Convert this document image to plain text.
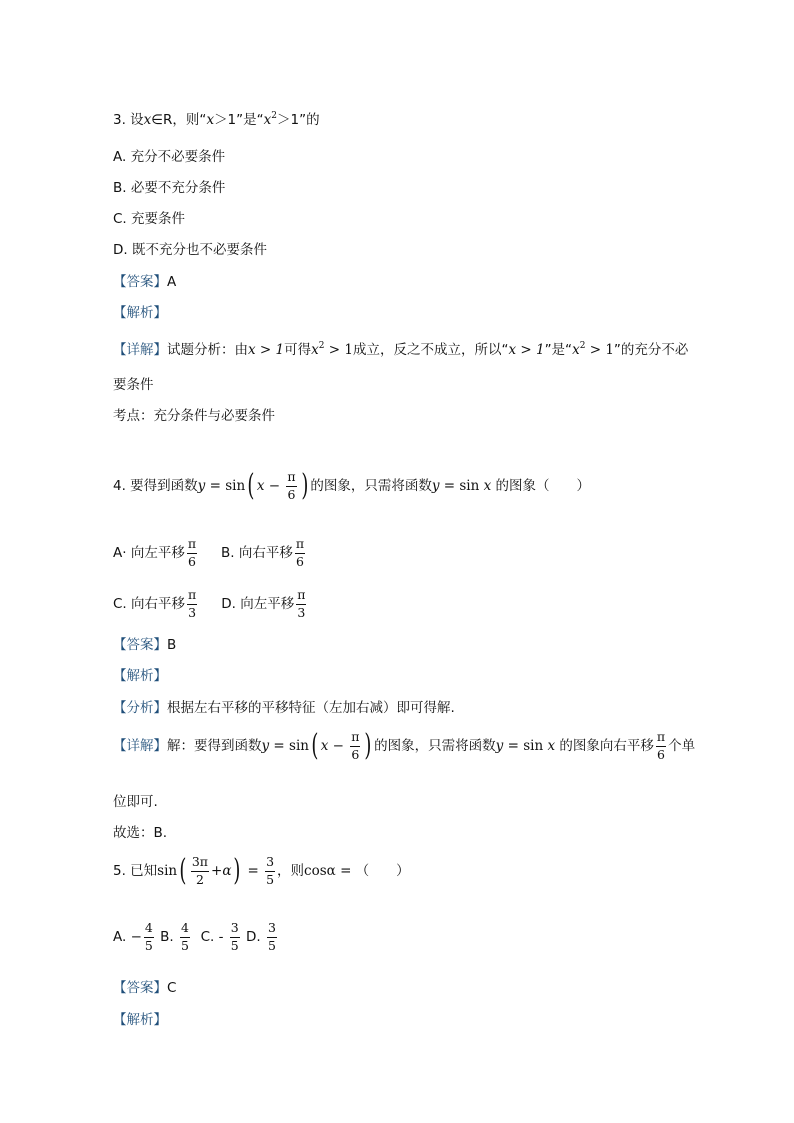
3. 设x∈R，则“x＞1”是“$x^2>1$”的
A. 充分不必要条件
B. 必要不充分条件
C. 充要条件
D. 既不充分也不必要条件
【答案】A
【解析】
【详解】试题分析：由x > 1可得$x^2 > 1$成立，反之不成立，所以“x > 1”是“$x^2 > 1$”的充分不必
要条件
考点：充分条件与必要条件
4. 要得到函数y = sin( $x - \frac{\pi}{6}$ ) 的图象，只需将函数y = sin x 的图象（　　）
A· 向左平移 $\frac{\pi}{6} B$. 向右平移 $\frac{\pi}{6}$
C. 向右平移 $\frac{\pi}{3} D$. 向左平移 $\frac{\pi}{3}$
【答案】B
【解析】
【分析】根据左右平移的平移特征（左加右减）即可得解.
【详解】解：要得到函数y = sin( $x - \frac{\pi}{6}$ ) 的图象，只需将函数y = sin x 的图象向右平移 $\frac{\pi}{6}$ 个单
位即可.
故选：B.
5. 已知$\sin( \frac{3\pi}{2} +\alpha) = \frac{3}{5}$ ，则cosα = （　　）
A. − $\frac{4}{5} B$. $\frac{4}{5} C$. - $\frac{3}{5} D$. $\frac{3}{5}$
【答案】C
【解析】
